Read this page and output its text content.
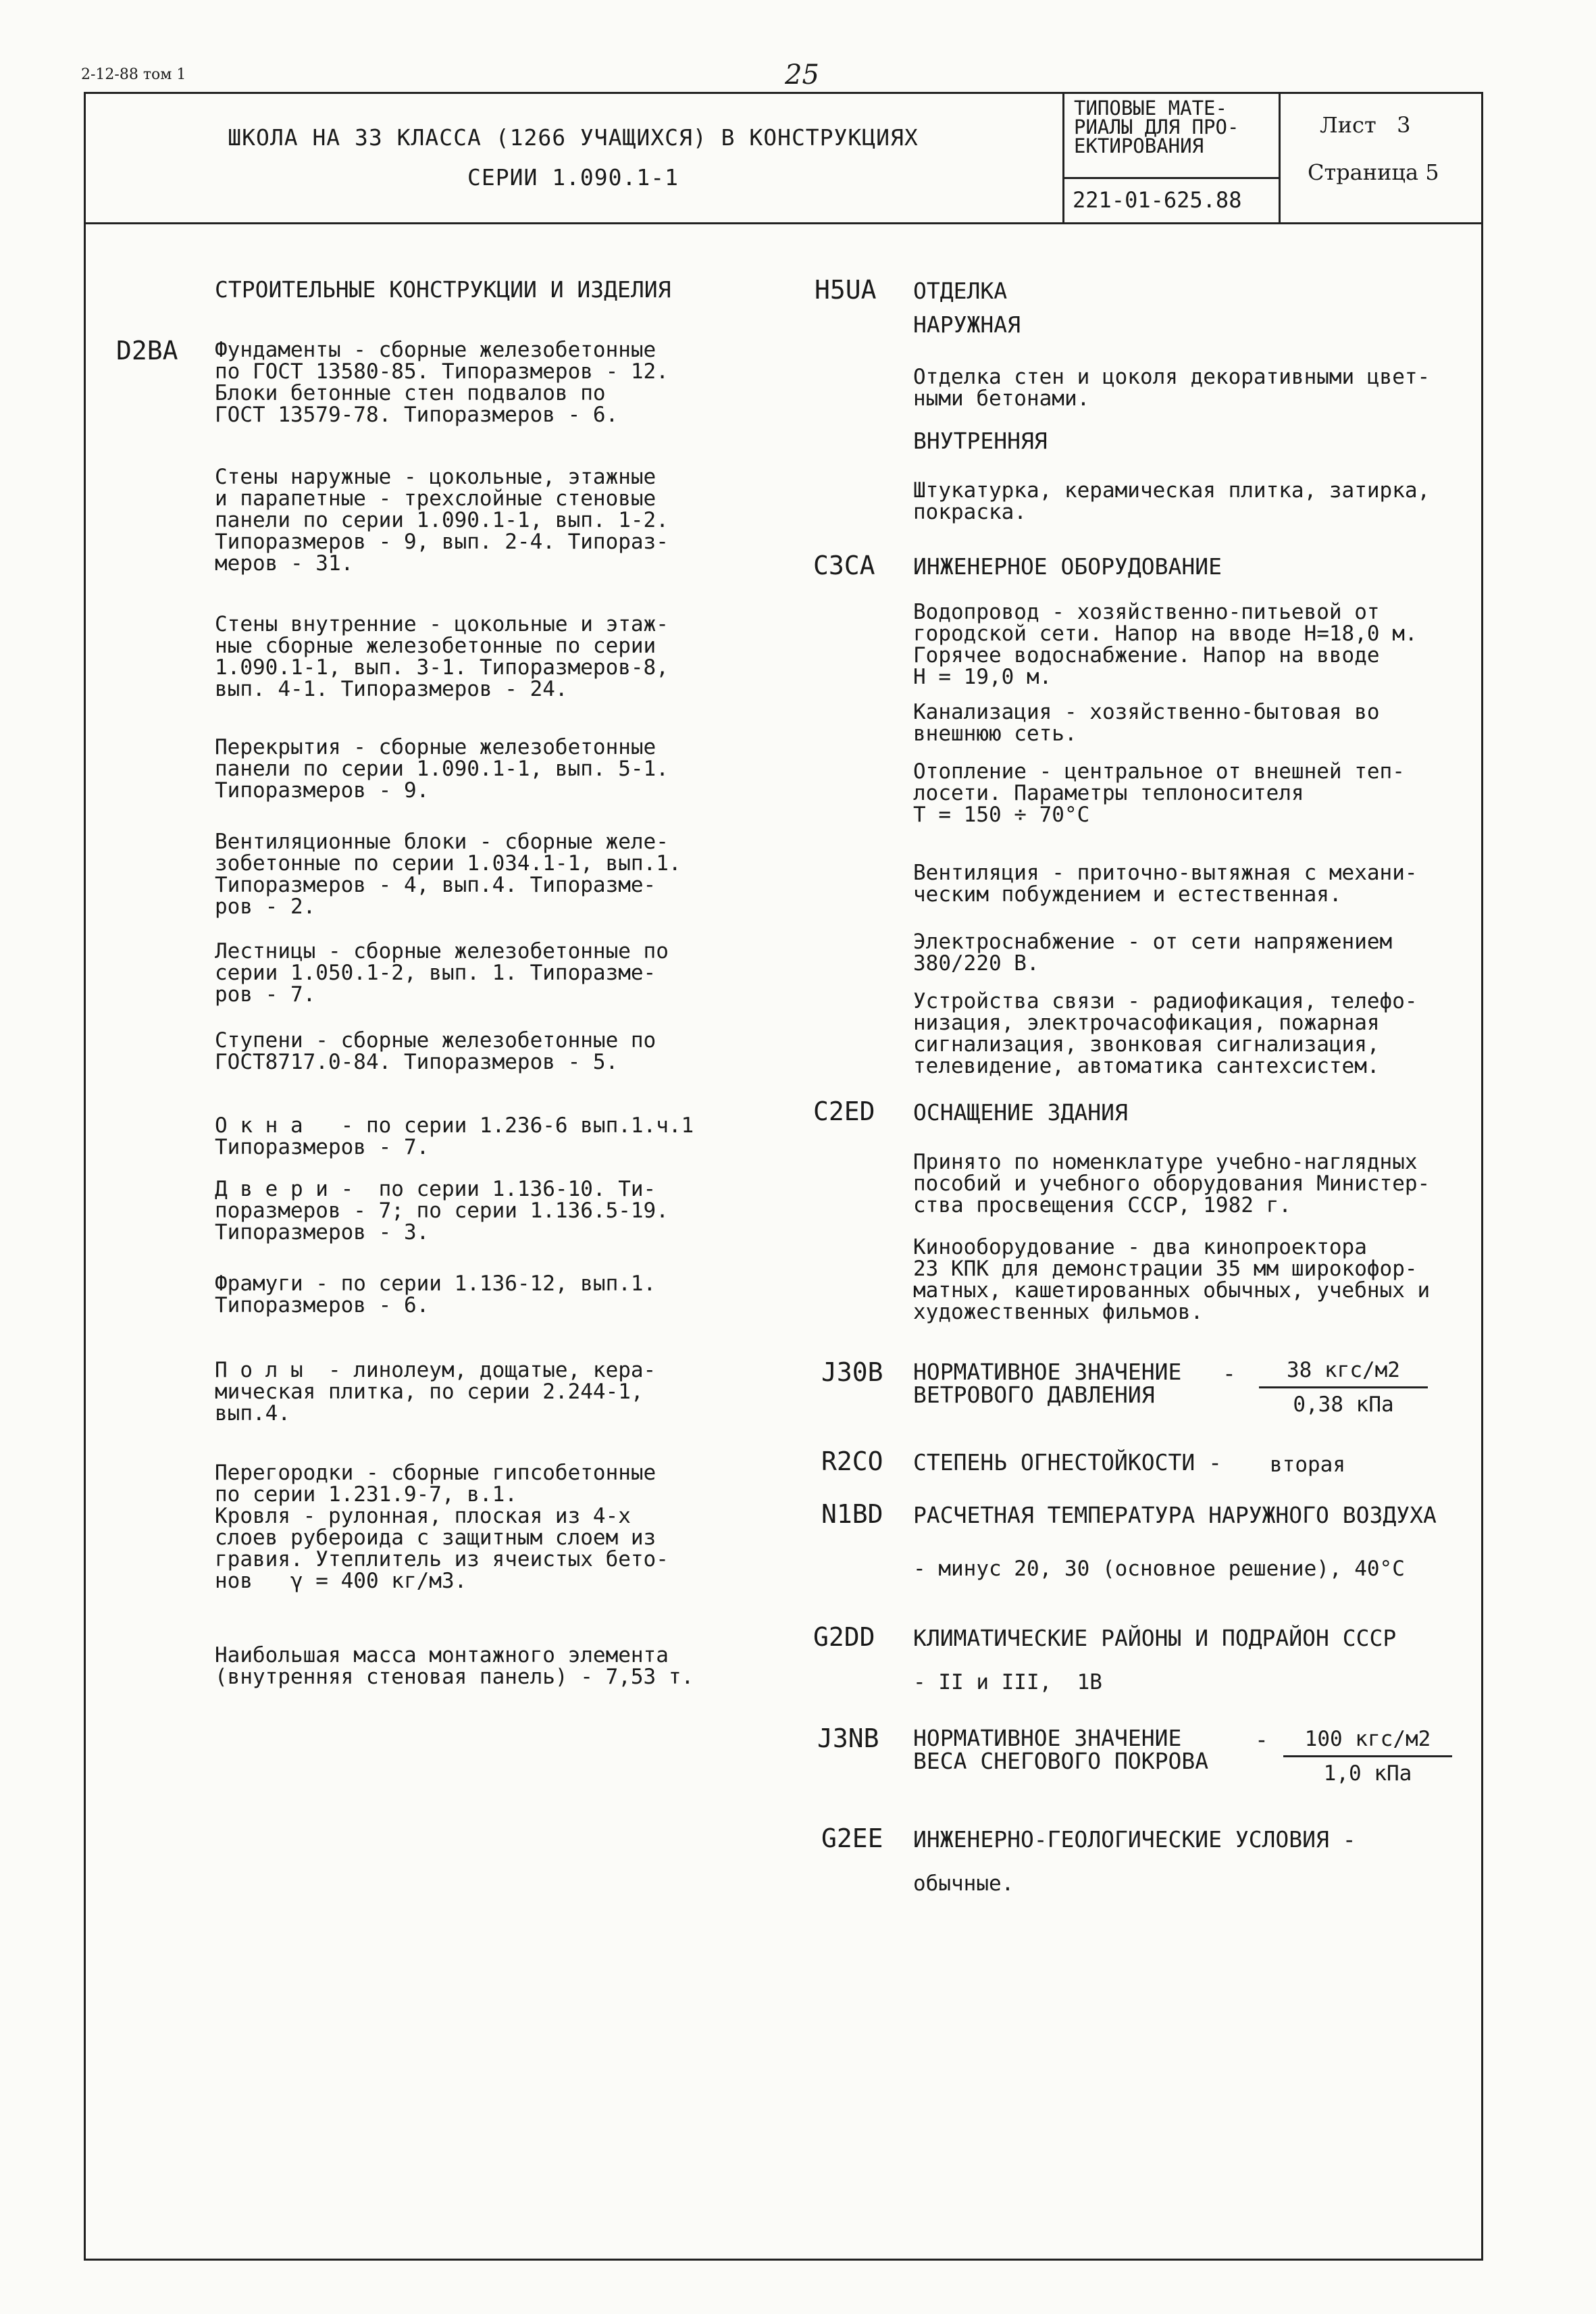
2-12-88 том 1	25
ШКОЛА НА 33 КЛАССА (1266 УЧАЩИХСЯ) В КОНСТРУКЦИЯХ
СЕРИИ 1.090.1-1
ТИПОВЫЕ МАТЕ-
РИАЛЫ ДЛЯ ПРО-
ЕКТИРОВАНИЯ
221-01-625.88
Лист   3
Страница 5
СТРОИТЕЛЬНЫЕ КОНСТРУКЦИИ И ИЗДЕЛИЯ
D2BA Фундаменты - сборные железобетонные
по ГОСТ 13580-85. Типоразмеров - 12.
Блоки бетонные стен подвалов по
ГОСТ 13579-78. Типоразмеров - 6.
Стены наружные - цокольные, этажные
и парапетные - трехслойные стеновые
панели по серии 1.090.1-1, вып. 1-2.
Типоразмеров - 9, вып. 2-4. Типораз-
меров - 31.
Стены внутренние - цокольные и этаж-
ные сборные железобетонные по серии
1.090.1-1, вып. 3-1. Типоразмеров-8,
вып. 4-1. Типоразмеров - 24.
Перекрытия - сборные железобетонные
панели по серии 1.090.1-1, вып. 5-1.
Типоразмеров - 9.
Вентиляционные блоки - сборные желе-
зобетонные по серии 1.034.1-1, вып.1.
Типоразмеров - 4, вып.4. Типоразме-
ров - 2.
Лестницы - сборные железобетонные по
серии 1.050.1-2, вып. 1. Типоразме-
ров - 7.
Ступени - сборные железобетонные по
ГОСТ8717.0-84. Типоразмеров - 5.
О к н а   - по серии 1.236-6 вып.1.ч.1
Типоразмеров - 7.
Д в е р и -  по серии 1.136-10. Ти-
поразмеров - 7; по серии 1.136.5-19.
Типоразмеров - 3.
Фрамуги - по серии 1.136-12, вып.1.
Типоразмеров - 6.
П о л ы  - линолеум, дощатые, кера-
мическая плитка, по серии 2.244-1,
вып.4.
Перегородки - сборные гипсобетонные
по серии 1.231.9-7, в.1.
Кровля - рулонная, плоская из 4-х
слоев рубероида с защитным слоем из
гравия. Утеплитель из ячеистых бето-
нов   γ = 400 кг/м3.
Наибольшая масса монтажного элемента
(внутренняя стеновая панель) - 7,53 т.
H5UA ОТДЕЛКА
НАРУЖНАЯ
Отделка стен и цоколя декоративными цвет-
ными бетонами.
ВНУТРЕННЯЯ
Штукатурка, керамическая плитка, затирка,
покраска.
C3CA ИНЖЕНЕРНОЕ ОБОРУДОВАНИЕ
Водопровод - хозяйственно-питьевой от
городской сети. Напор на вводе Н=18,0 м.
Горячее водоснабжение. Напор на вводе
Н = 19,0 м.
Канализация - хозяйственно-бытовая во
внешнюю сеть.
Отопление - центральное от внешней теп-
лосети. Параметры теплоносителя
Т = 150 ÷ 70°C
Вентиляция - приточно-вытяжная с механи-
ческим побуждением и естественная.
Электроснабжение - от сети напряжением
380/220 В.
Устройства связи - радиофикация, телефо-
низация, электрочасофикация, пожарная
сигнализация, звонковая сигнализация,
телевидение, автоматика сантехсистем.
C2ED ОСНАЩЕНИЕ ЗДАНИЯ
Принято по номенклатуре учебно-наглядных
пособий и учебного оборудования Министер-
ства просвещения СССР, 1982 г.
Кинооборудование - два кинопроектора
23 КПК для демонстрации 35 мм широкофор-
матных, кашетированных обычных, учебных и
художественных фильмов.
J30B НОРМАТИВНОЕ ЗНАЧЕНИЕ
ВЕТРОВОГО ДАВЛЕНИЯ
-	38 кгс/м2
0,38 кПа
R2CO СТЕПЕНЬ ОГНЕСТОЙКОСТИ - вторая
N1BD РАСЧЕТНАЯ ТЕМПЕРАТУРА НАРУЖНОГО ВОЗДУХА
- минус 20, 30 (основное решение), 40°C
G2DD КЛИМАТИЧЕСКИЕ РАЙОНЫ И ПОДРАЙОН СССР
- II и III,  1В
J3NB НОРМАТИВНОЕ ЗНАЧЕНИЕ
ВЕСА СНЕГОВОГО ПОКРОВА
-	100 кгс/м2
1,0 кПа
G2EE ИНЖЕНЕРНО-ГЕОЛОГИЧЕСКИЕ УСЛОВИЯ -
обычные.
